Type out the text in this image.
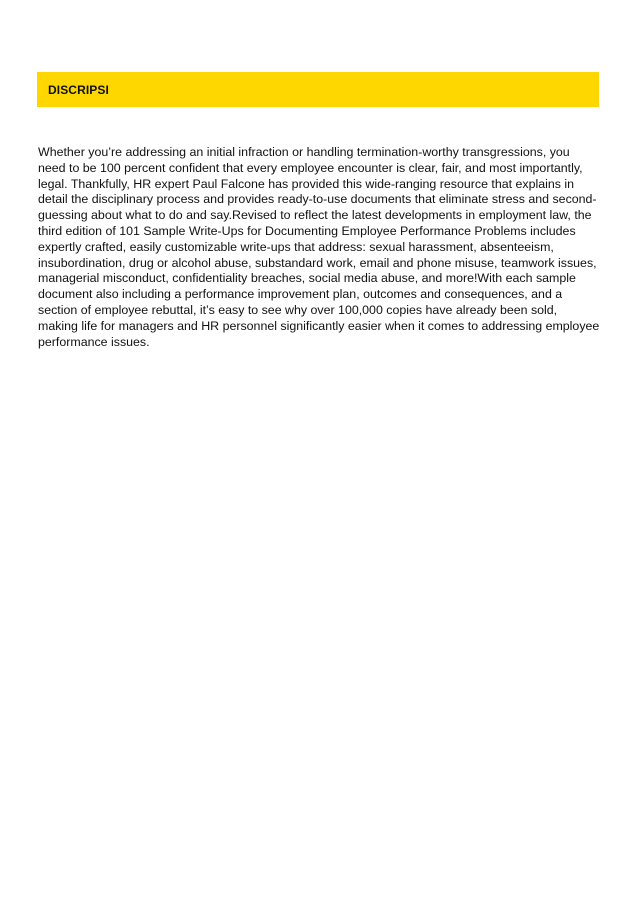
DISCRIPSI

Whether you’re addressing an initial infraction or handling termination-worthy transgressions, you need to be 100 percent confident that every employee encounter is clear, fair, and most importantly, legal. Thankfully, HR expert Paul Falcone has provided this wide-ranging resource that explains in detail the disciplinary process and provides ready-to-use documents that eliminate stress and second-guessing about what to do and say.Revised to reflect the latest developments in employment law, the third edition of 101 Sample Write-Ups for Documenting Employee Performance Problems includes expertly crafted, easily customizable write-ups that address: sexual harassment, absenteeism, insubordination, drug or alcohol abuse, substandard work, email and phone misuse, teamwork issues, managerial misconduct, confidentiality breaches, social media abuse, and more!With each sample document also including a performance improvement plan, outcomes and consequences, and a section of employee rebuttal, it’s easy to see why over 100,000 copies have already been sold, making life for managers and HR personnel significantly easier when it comes to addressing employee performance issues.
